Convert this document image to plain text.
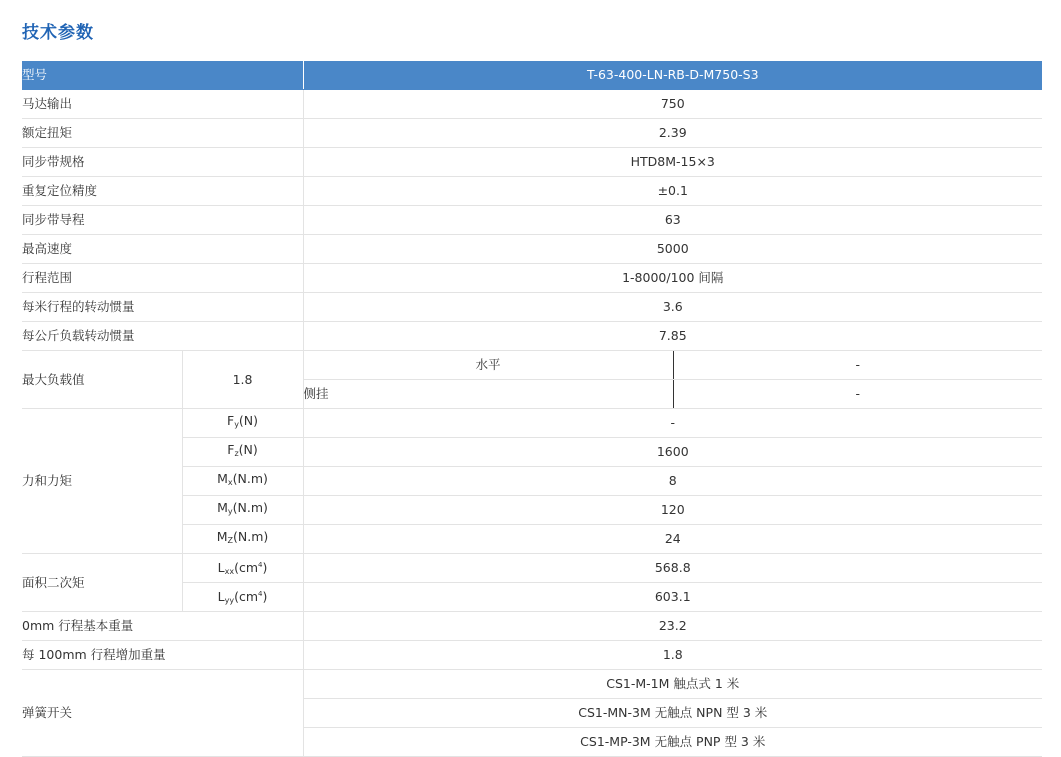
技术参数
型号		T-63-400-LN-RB-D-M750-S3	
马达输出		750	
额定扭矩		2.39	
同步带规格		HTD8M-15×3	
重复定位精度		±0.1	
同步带导程		63	
最高速度		5000	
行程范围		1-8000/100 间隔	
每米行程的转动惯量		3.6	
每公斤负载转动惯量		7.85	
最大负载值	1.8	水平	-
		侧挂	-
力和力矩	$F_y(N)$	-	
	$F_z(N)$	1600	
	$M_x(N.m)$	8	
	$M_y(N.m)$	120	
	$M_Z(N.m)$	24	
面积二次矩	$L_{xx}(cm^4)$	568.8	
	$L_{yy}(cm^4)$	603.1	
0mm 行程基本重量		23.2	
每 100mm 行程增加重量		1.8	
弹簧开关		CS1-M-1M 触点式 1 米	
		CS1-MN-3M 无触点 NPN 型 3 米	
		CS1-MP-3M 无触点 PNP 型 3 米	
